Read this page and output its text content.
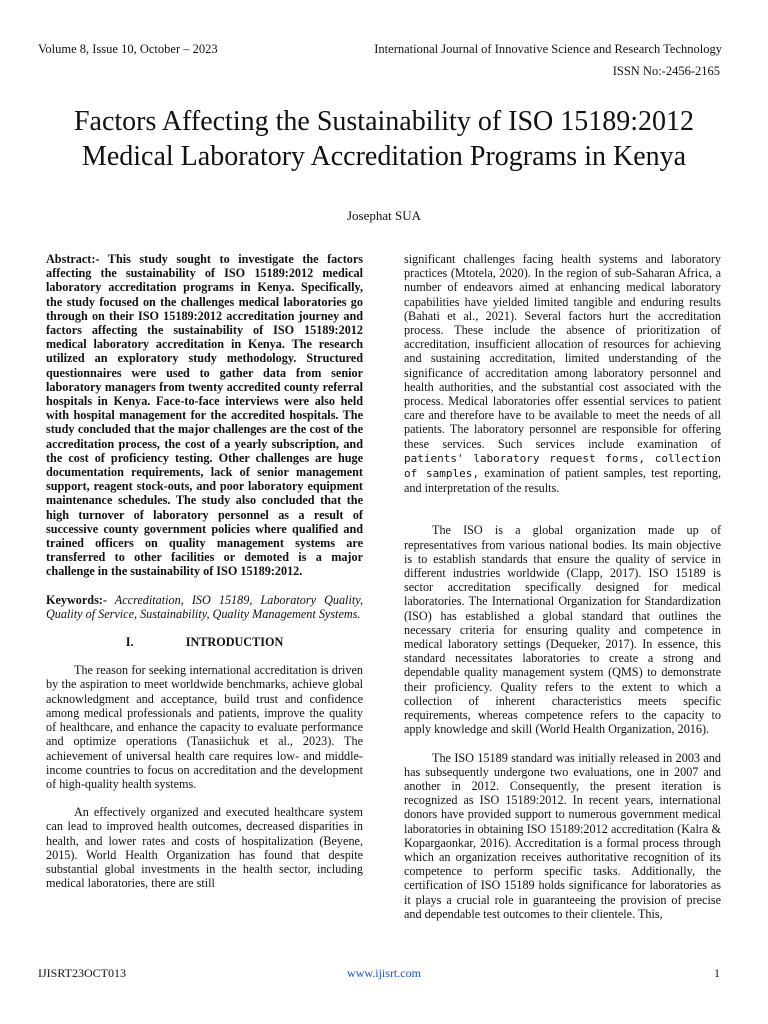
Volume 8, Issue 10, October – 2023	International Journal of Innovative Science and Research Technology
ISSN No:-2456-2165
Factors Affecting the Sustainability of ISO 15189:2012 Medical Laboratory Accreditation Programs in Kenya
Josephat SUA

Abstract:- This study sought to investigate the factors affecting the sustainability of ISO 15189:2012 medical laboratory accreditation programs in Kenya. Specifically, the study focused on the challenges medical laboratories go through on their ISO 15189:2012 accreditation journey and factors affecting the sustainability of ISO 15189:2012 medical laboratory accreditation in Kenya. The research utilized an exploratory study methodology. Structured questionnaires were used to gather data from senior laboratory managers from twenty accredited county referral hospitals in Kenya. Face-to-face interviews were also held with hospital management for the accredited hospitals. The study concluded that the major challenges are the cost of the accreditation process, the cost of a yearly subscription, and the cost of proficiency testing. Other challenges are huge documentation requirements, lack of senior management support, reagent stock-outs, and poor laboratory equipment maintenance schedules. The study also concluded that the high turnover of laboratory personnel as a result of successive county government policies where qualified and trained officers on quality management systems are transferred to other facilities or demoted is a major challenge in the sustainability of ISO 15189:2012.

Keywords:- Accreditation, ISO 15189, Laboratory Quality, Quality of Service, Sustainability, Quality Management Systems.

I.	INTRODUCTION

The reason for seeking international accreditation is driven by the aspiration to meet worldwide benchmarks, achieve global acknowledgment and acceptance, build trust and confidence among medical professionals and patients, improve the quality of healthcare, and enhance the capacity to evaluate performance and optimize operations (Tanasiichuk et al., 2023). The achievement of universal health care requires low- and middle-income countries to focus on accreditation and the development of high-quality health systems.

An effectively organized and executed healthcare system can lead to improved health outcomes, decreased disparities in health, and lower rates and costs of hospitalization (Beyene, 2015). World Health Organization has found that despite substantial global investments in the health sector, including medical laboratories, there are still

significant challenges facing health systems and laboratory practices (Mtotela, 2020). In the region of sub-Saharan Africa, a number of endeavors aimed at enhancing medical laboratory capabilities have yielded limited tangible and enduring results (Bahati et al., 2021). Several factors hurt the accreditation process. These include the absence of prioritization of accreditation, insufficient allocation of resources for achieving and sustaining accreditation, limited understanding of the significance of accreditation among laboratory personnel and health authorities, and the substantial cost associated with the process. Medical laboratories offer essential services to patient care and therefore have to be available to meet the needs of all patients. The laboratory personnel are responsible for offering these services. Such services include examination of patients' laboratory request forms, collection of samples, examination of patient samples, test reporting, and interpretation of the results.

The ISO is a global organization made up of representatives from various national bodies. Its main objective is to establish standards that ensure the quality of service in different industries worldwide (Clapp, 2017). ISO 15189 is sector accreditation specifically designed for medical laboratories. The International Organization for Standardization (ISO) has established a global standard that outlines the necessary criteria for ensuring quality and competence in medical laboratory settings (Dequeker, 2017). In essence, this standard necessitates laboratories to create a strong and dependable quality management system (QMS) to demonstrate their proficiency. Quality refers to the extent to which a collection of inherent characteristics meets specific requirements, whereas competence refers to the capacity to apply knowledge and skill (World Health Organization, 2016).

The ISO 15189 standard was initially released in 2003 and has subsequently undergone two evaluations, one in 2007 and another in 2012. Consequently, the present iteration is recognized as ISO 15189:2012. In recent years, international donors have provided support to numerous government medical laboratories in obtaining ISO 15189:2012 accreditation (Kalra & Kopargaonkar, 2016). Accreditation is a formal process through which an organization receives authoritative recognition of its competence to perform specific tasks. Additionally, the certification of ISO 15189 holds significance for laboratories as it plays a crucial role in guaranteeing the provision of precise and dependable test outcomes to their clientele. This,

IJISRT23OCT013	www.ijisrt.com	1
